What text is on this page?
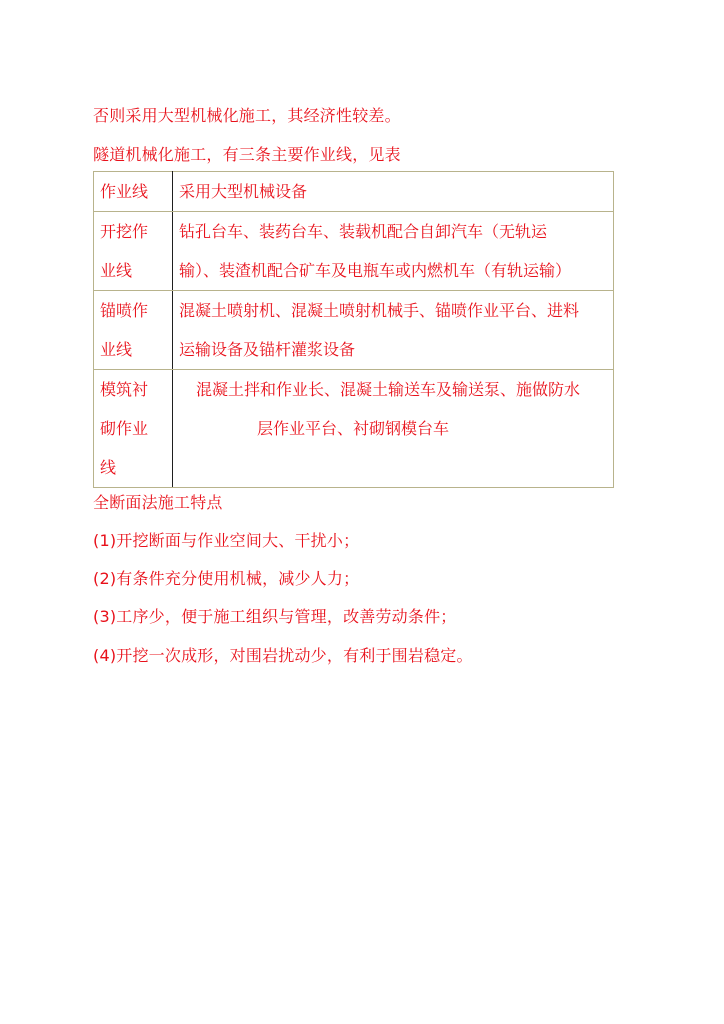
否则采用大型机械化施工，其经济性较差。
隧道机械化施工，有三条主要作业线，见表
作业线	采用大型机械设备

开挖作
业线	钻孔台车、装药台车、装载机配合自卸汽车（无轨运
输）、装渣机配合矿车及电瓶车或内燃机车（有轨运输）

锚喷作
业线	混凝土喷射机、混凝土喷射机械手、锚喷作业平台、进料
运输设备及锚杆灌浆设备

模筑衬
砌作业
线	混凝土拌和作业长、混凝土输送车及输送泵、施做防水
层作业平台、衬砌钢模台车
全断面法施工特点
(1)开挖断面与作业空间大、干扰小；
(2)有条件充分使用机械，减少人力；
(3)工序少，便于施工组织与管理，改善劳动条件；
(4)开挖一次成形，对围岩扰动少，有利于围岩稳定。
